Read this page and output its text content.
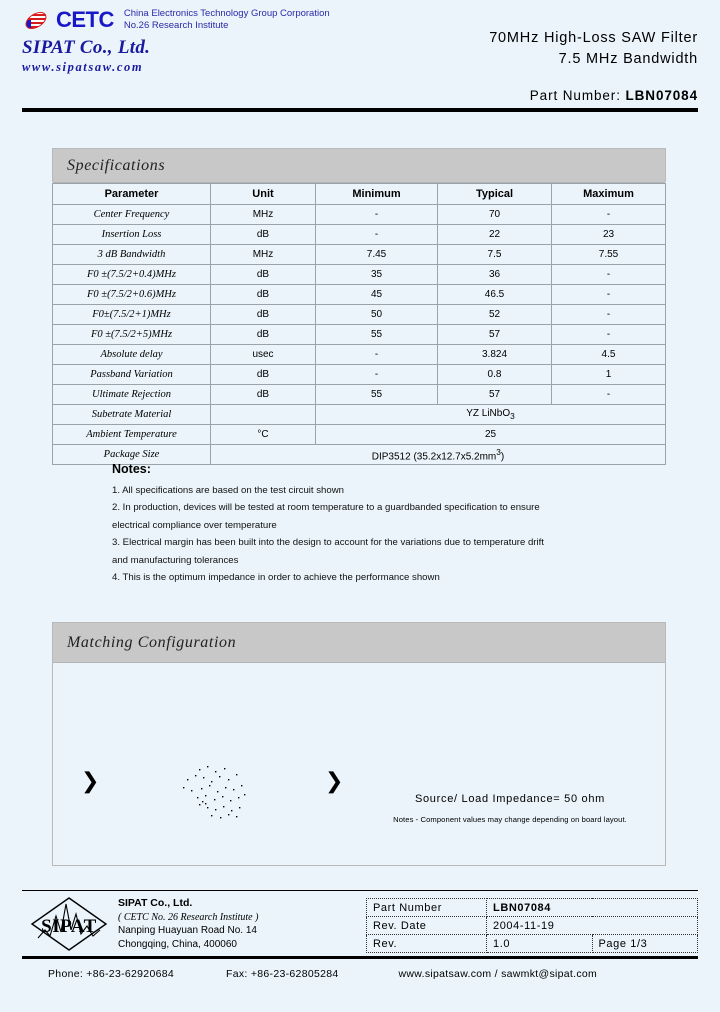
CETC China Electronics Technology Group Corporation
No.26 Research Institute
SIPAT Co., Ltd.
www.sipatsaw.com
70MHz High-Loss SAW Filter
7.5 MHz Bandwidth
Part Number: LBN07084
Specifications
Parameter	Unit	Minimum	Typical	Maximum
Center Frequency	MHz	-	70	-
Insertion Loss	dB	-	22	23
3 dB Bandwidth	MHz	7.45	7.5	7.55
F0 ±(7.5/2+0.4)MHz	dB	35	36	-
F0 ±(7.5/2+0.6)MHz	dB	45	46.5	-
F0±(7.5/2+1)MHz	dB	50	52	-
F0 ±(7.5/2+5)MHz	dB	55	57	-
Absolute delay	usec	-	3.824	4.5
Passband Variation	dB	-	0.8	1
Ultimate Rejection	dB	55	57	-
Subetrate Material		YZ LiNbO$_3$
Ambient Temperature	°C	25		
Package Size	DIP3512 $(35.2x12.7x5.2mm^3)$			
Notes:
1. All specifications are based on the test circuit shown
2. In production, devices will be tested at room temperature to a guardbanded specification to ensure
electrical compliance over temperature
3. Electrical margin has been built into the design to account for the variations due to temperature drift
and manufacturing tolerances
4. This is the optimum impedance in order to achieve the performance shown
Matching Configuration
❯	❯
Source/ Load Impedance= 50 ohm
Notes - Component values may change depending on board layout.
SIPAT
SIPAT Co., Ltd.
( CETC No. 26 Research Institute )
Nanping Huayuan Road No. 14
Chongqing, China, 400060
Part Number	LBN07084	
Rev. Date	2004-11-19	
Rev.	1.0	Page 1/3
Phone: +86-23-62920684	Fax: +86-23-62805284	www.sipatsaw.com / sawmkt@sipat.com
